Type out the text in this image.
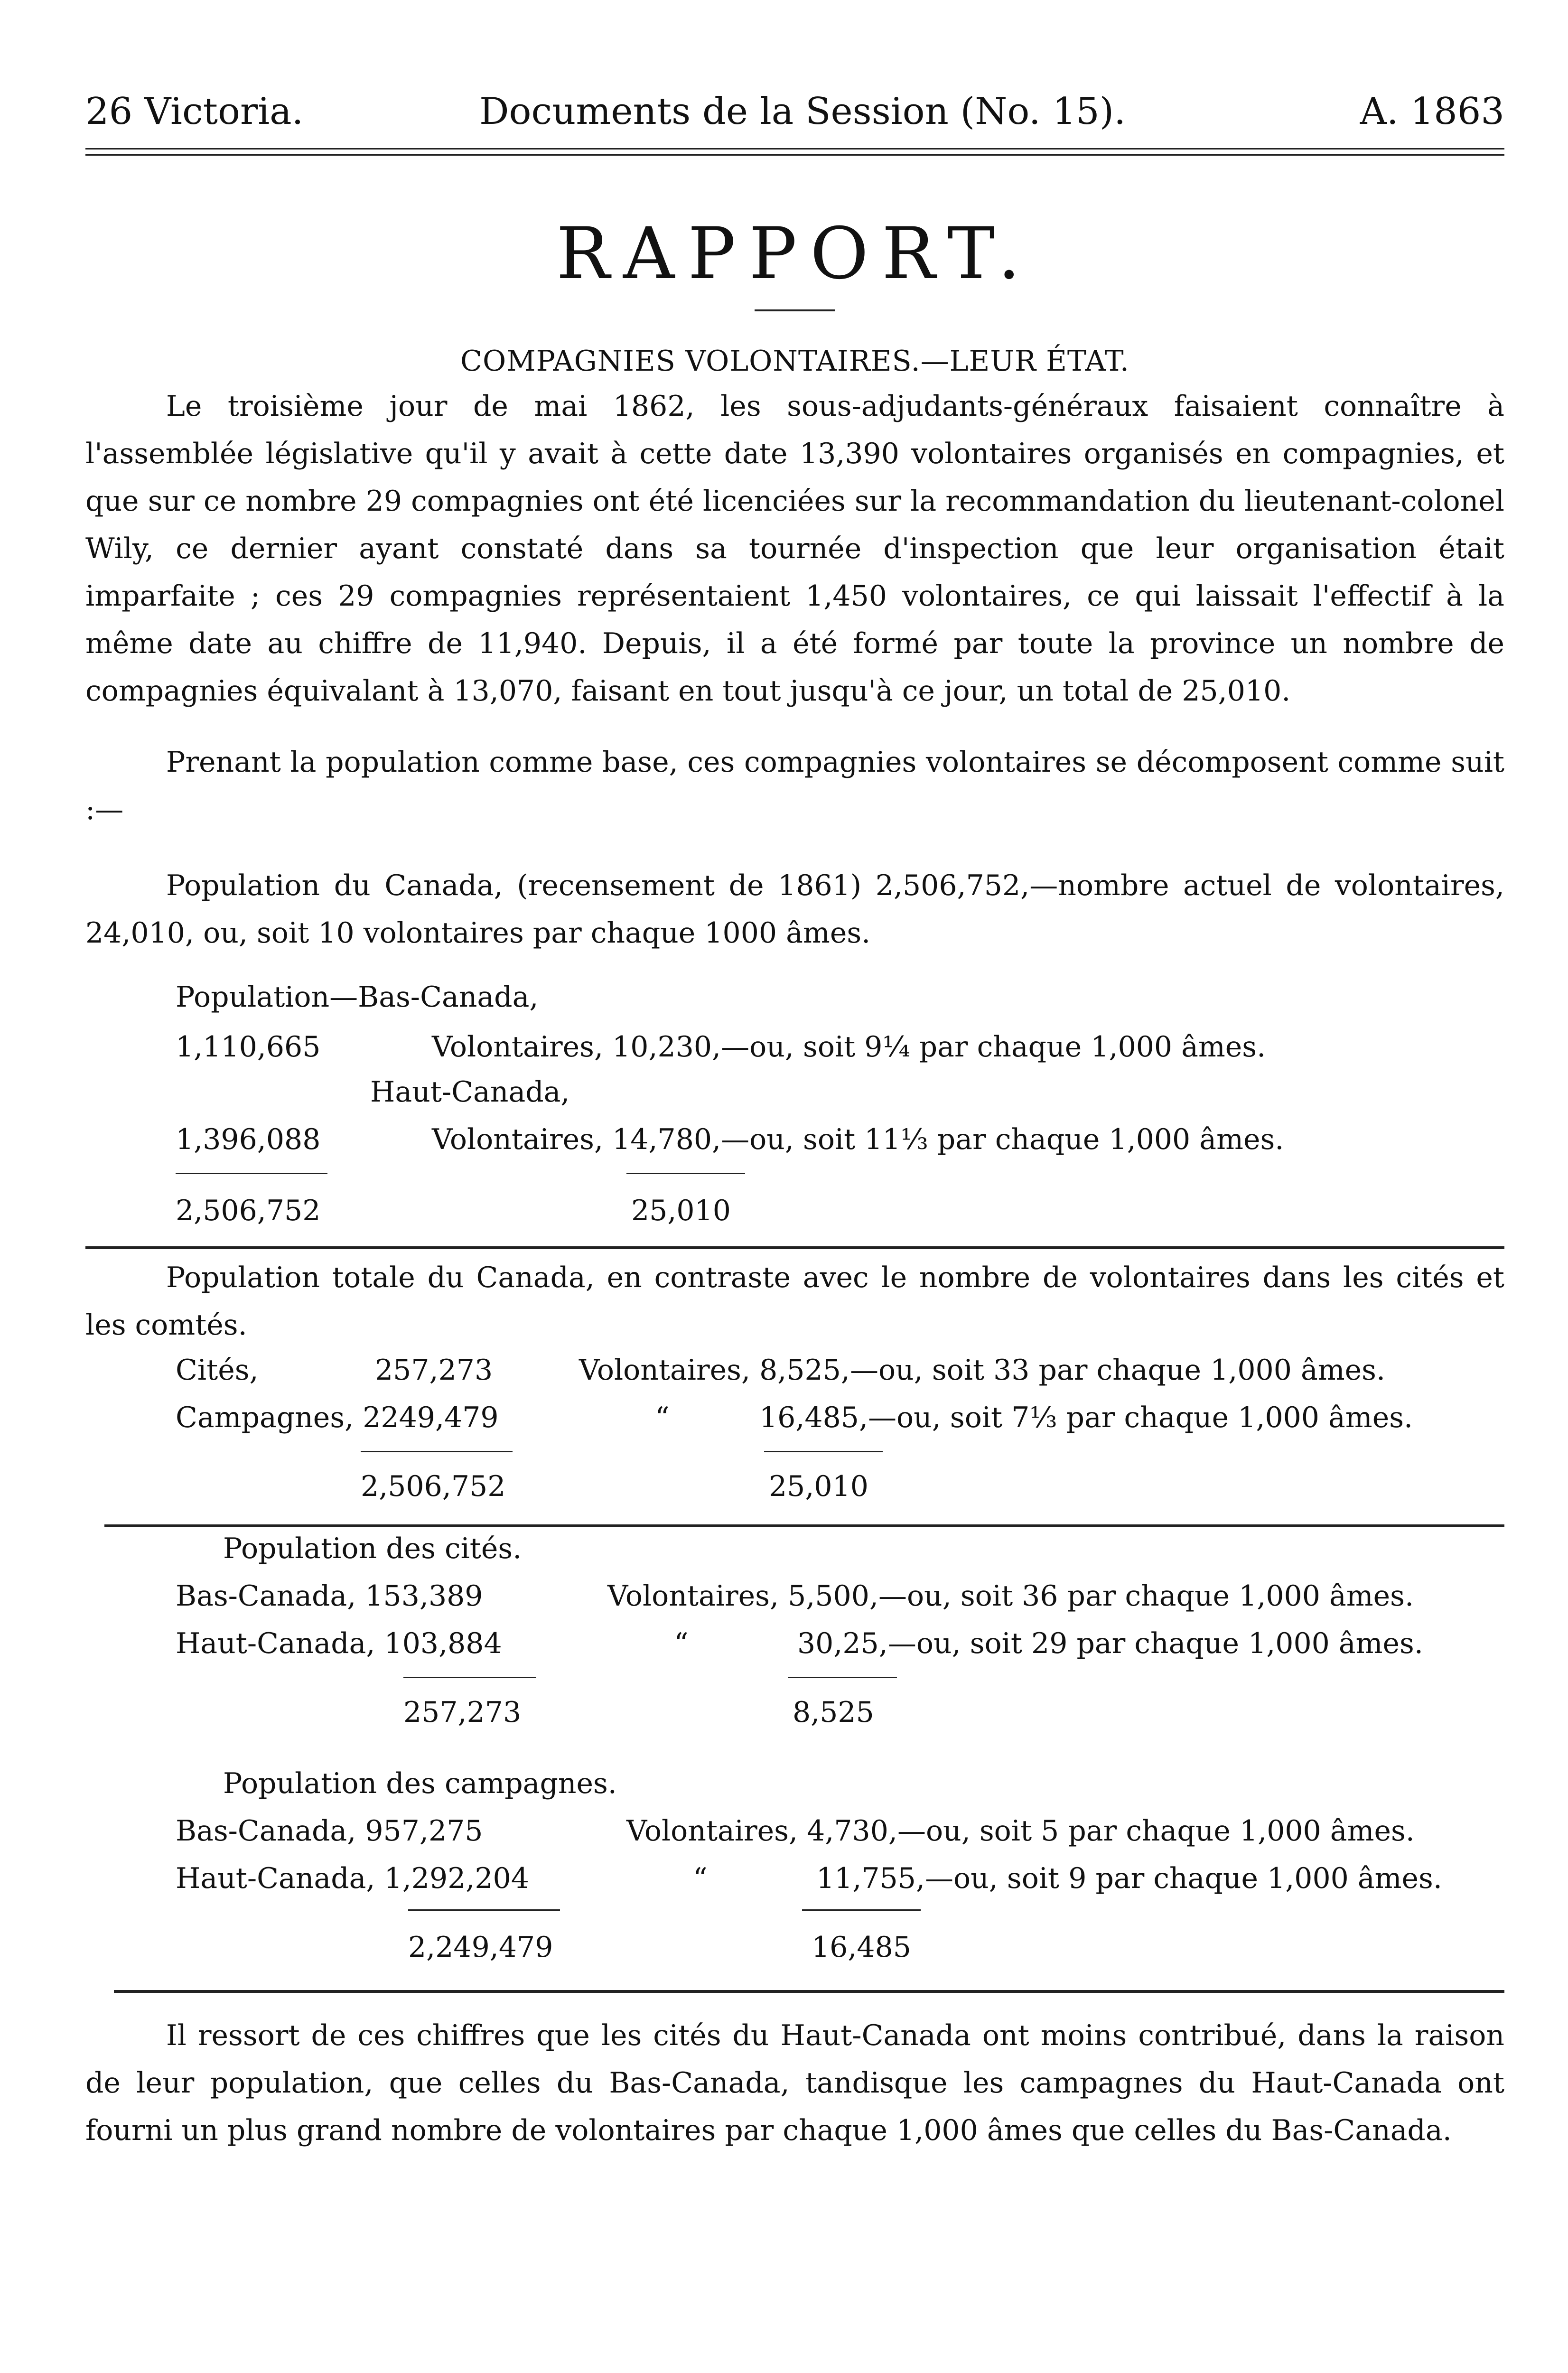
26 Victoria.	Documents de la Session (No. 15).	A. 1863
RAPPORT.
COMPAGNIES VOLONTAIRES.—LEUR ÉTAT.

Le troisième jour de mai 1862, les sous-adjudants-généraux faisaient connaître à l'assemblée législative qu'il y avait à cette date 13,390 volontaires organisés en compagnies, et que sur ce nombre 29 compagnies ont été licenciées sur la recommandation du lieutenant-colonel Wily, ce dernier ayant constaté dans sa tournée d'inspection que leur organisation était imparfaite ; ces 29 compagnies représentaient 1,450 volontaires, ce qui laissait l'effectif à la même date au chiffre de 11,940. Depuis, il a été formé par toute la province un nombre de compagnies équivalant à 13,070, faisant en tout jusqu'à ce jour, un total de 25,010.

Prenant la population comme base, ces compagnies volontaires se décomposent comme suit :—

Population du Canada, (recensement de 1861) 2,506,752,—nombre actuel de volontaires, 24,010, ou, soit 10 volontaires par chaque 1000 âmes.

Population—Bas-Canada,
1,110,665	Volontaires, 10,230,—ou, soit 9¼ par chaque 1,000 âmes.
Haut-Canada,
1,396,088	Volontaires, 14,780,—ou, soit 11⅓ par chaque 1,000 âmes.
2,506,752	25,010

Population totale du Canada, en contraste avec le nombre de volontaires dans les cités et les comtés.

Cités,	257,273	Volontaires, 8,525,—ou, soit 33 par chaque 1,000 âmes.
Campagnes, 2249,479	“	16,485,—ou, soit 7⅓ par chaque 1,000 âmes.
2,506,752	25,010
Population des cités.
Bas-Canada, 153,389	Volontaires, 5,500,—ou, soit 36 par chaque 1,000 âmes.
Haut-Canada, 103,884	“	30,25,—ou, soit 29 par chaque 1,000 âmes.
257,273	8,525
Population des campagnes.
Bas-Canada, 957,275	Volontaires, 4,730,—ou, soit 5 par chaque 1,000 âmes.
Haut-Canada, 1,292,204	“	11,755,—ou, soit 9 par chaque 1,000 âmes.
2,249,479	16,485

Il ressort de ces chiffres que les cités du Haut-Canada ont moins contribué, dans la raison de leur population, que celles du Bas-Canada, tandisque les campagnes du Haut-Canada ont fourni un plus grand nombre de volontaires par chaque 1,000 âmes que celles du Bas-Canada.
